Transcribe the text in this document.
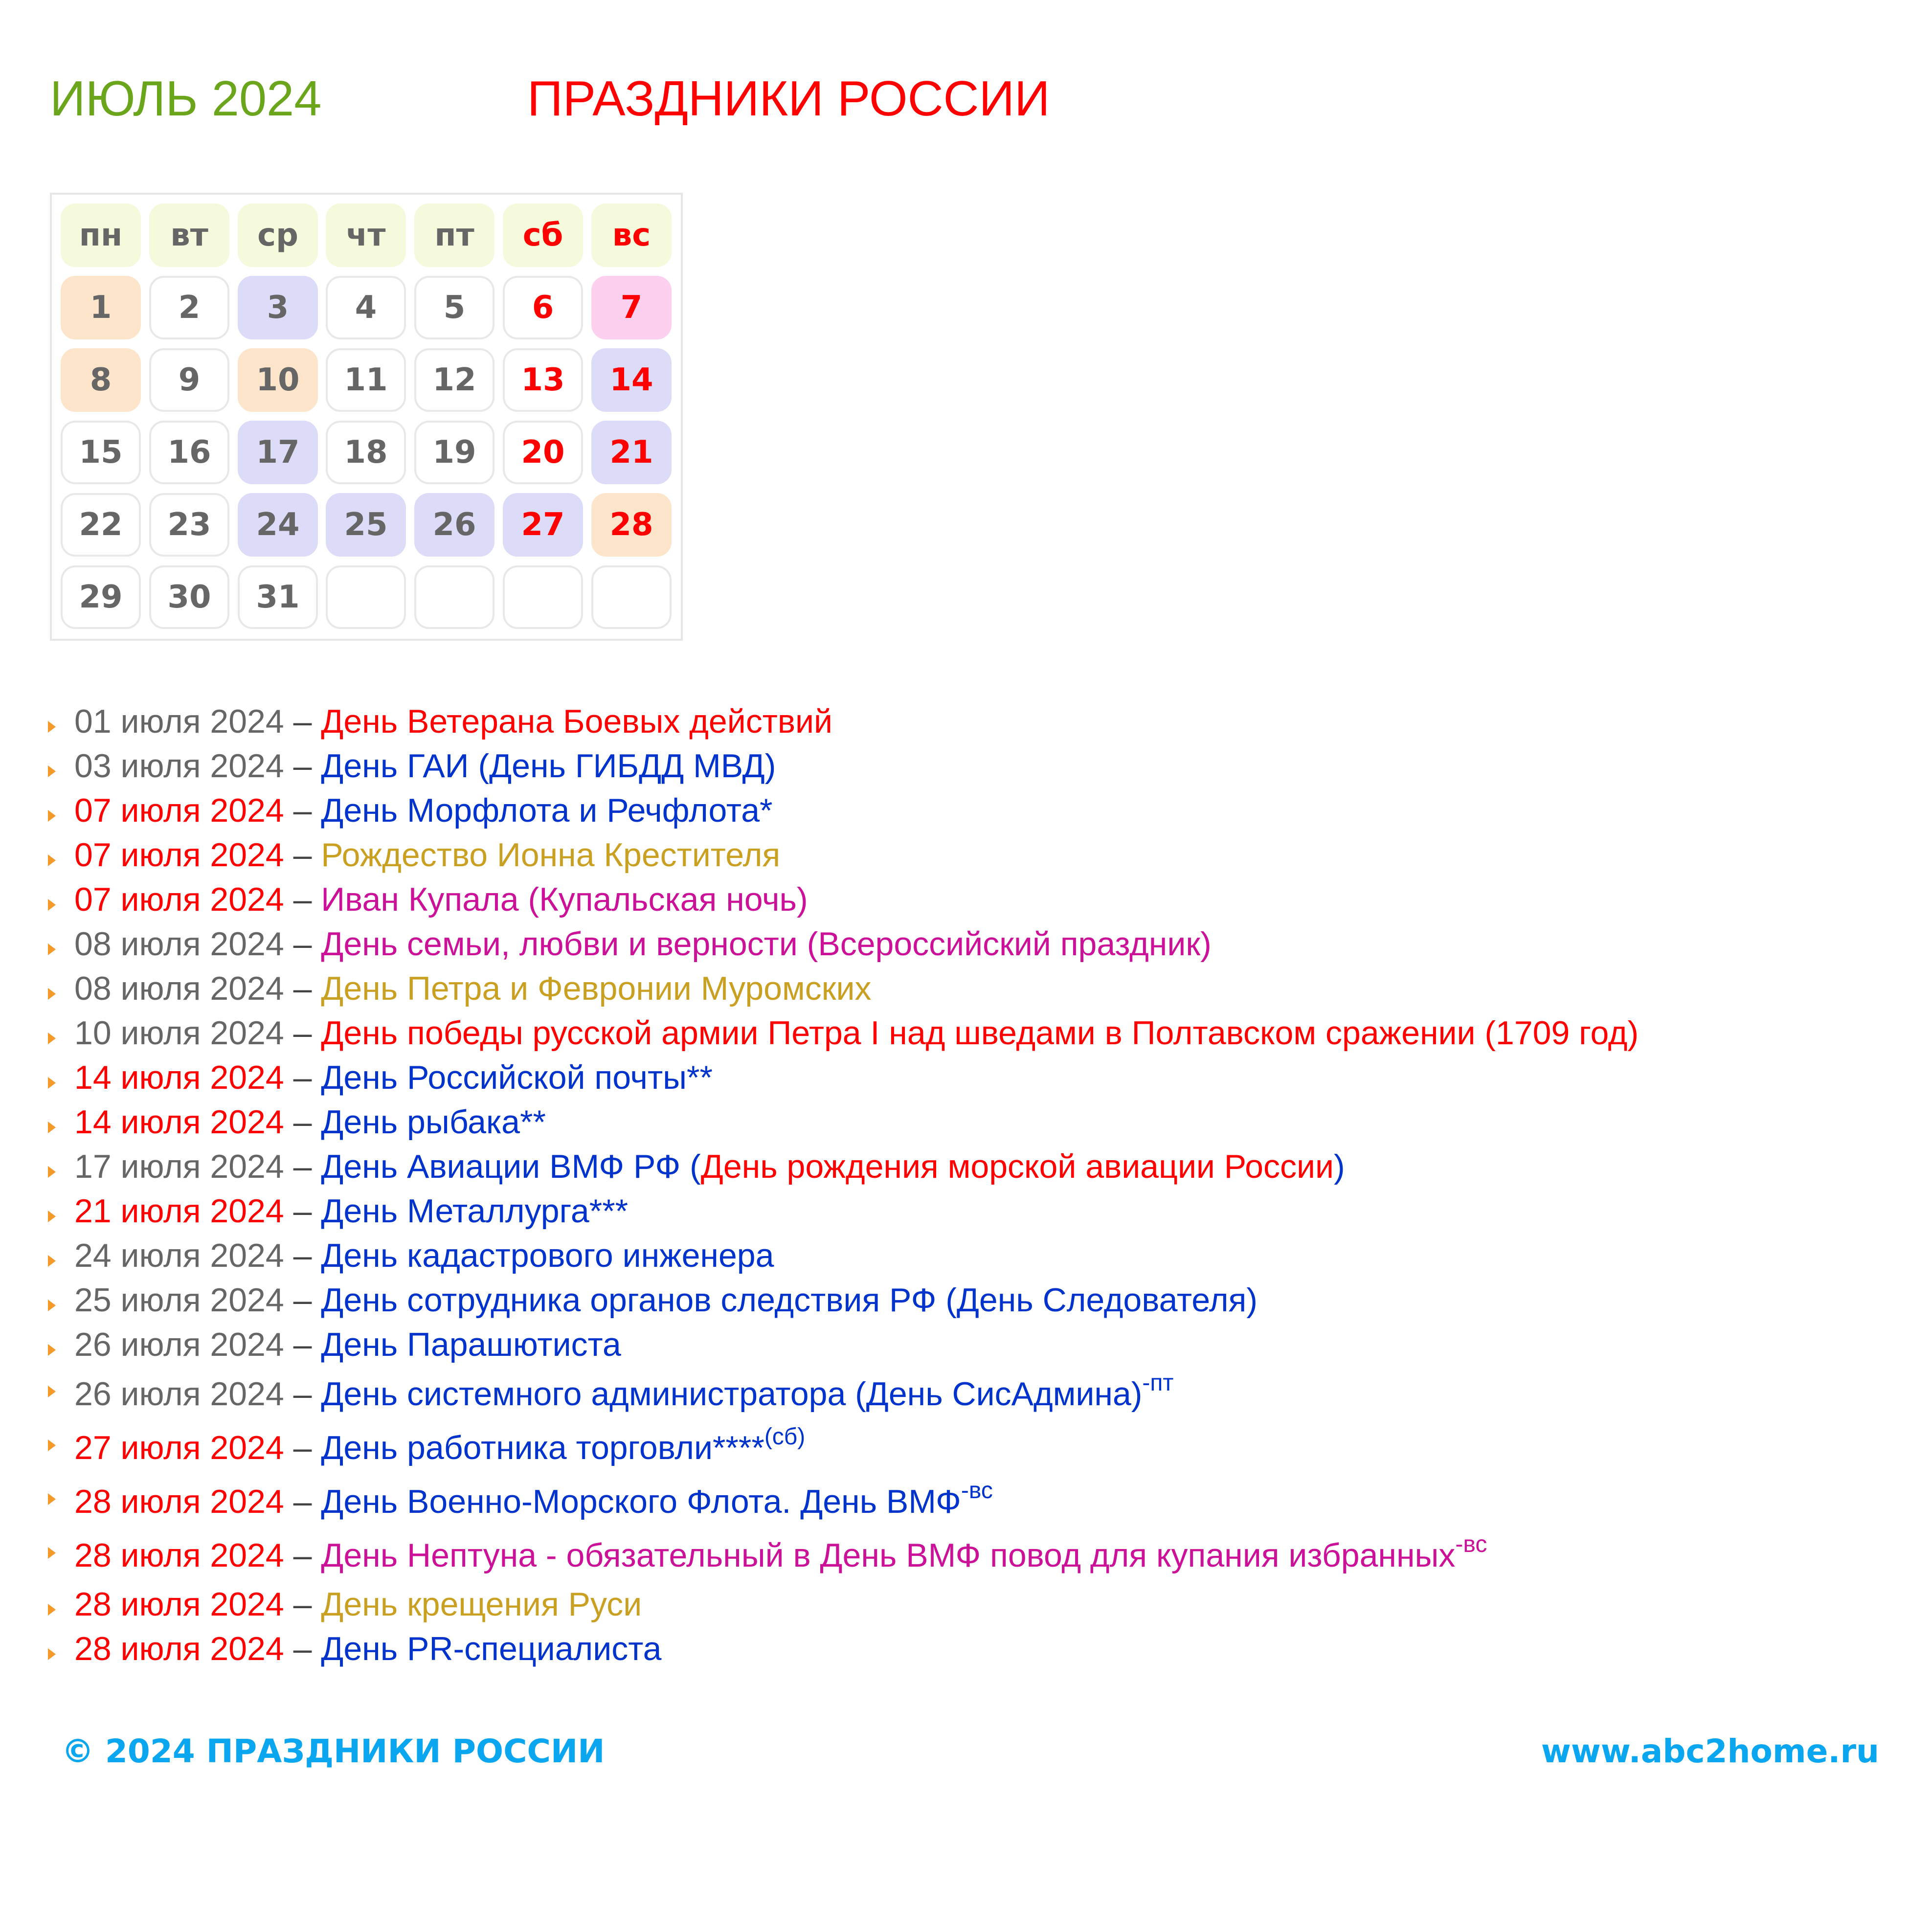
ИЮЛЬ 2024	ПРАЗДНИКИ РОССИИ
пн	вт	ср	чт	пт	сб	вс
1	2	3	4	5	6	7
8	9	10	11	12	13	14
15	16	17	18	19	20	21
22	23	24	25	26	27	28
29	30	31
01 июля 2024 – День Ветерана Боевых действий
03 июля 2024 – День ГАИ (День ГИБДД МВД)
07 июля 2024 – День Морфлота и Речфлота*
07 июля 2024 – Рождество Ионна Крестителя
07 июля 2024 – Иван Купала (Купальская ночь)
08 июля 2024 – День семьи, любви и верности (Всероссийский праздник)
08 июля 2024 – День Петра и Февронии Муромских
10 июля 2024 – День победы русской армии Петра I над шведами в Полтавском сражении (1709 год)
14 июля 2024 – День Российской почты**
14 июля 2024 – День рыбака**
17 июля 2024 – День Авиации ВМФ РФ (День рождения морской авиации России)
21 июля 2024 – День Металлурга***
24 июля 2024 – День кадастрового инженера
25 июля 2024 – День сотрудника органов следствия РФ (День Следователя)
26 июля 2024 – День Парашютиста
26 июля 2024 – День системного администратора (День СисАдмина)$^{-пт}$
27 июля 2024 – День работника торговли****$^{(сб)}$
28 июля 2024 – День Военно-Морского Флота. День $ВМФ^{-вс}$
28 июля 2024 – День Нептуна - обязательный в День ВМФ повод для купания избранных$^{-вс}$
28 июля 2024 – День крещения Руси
28 июля 2024 – День PR-специалиста
© 2024 ПРАЗДНИКИ РОССИИ	www.abc2home.ru
